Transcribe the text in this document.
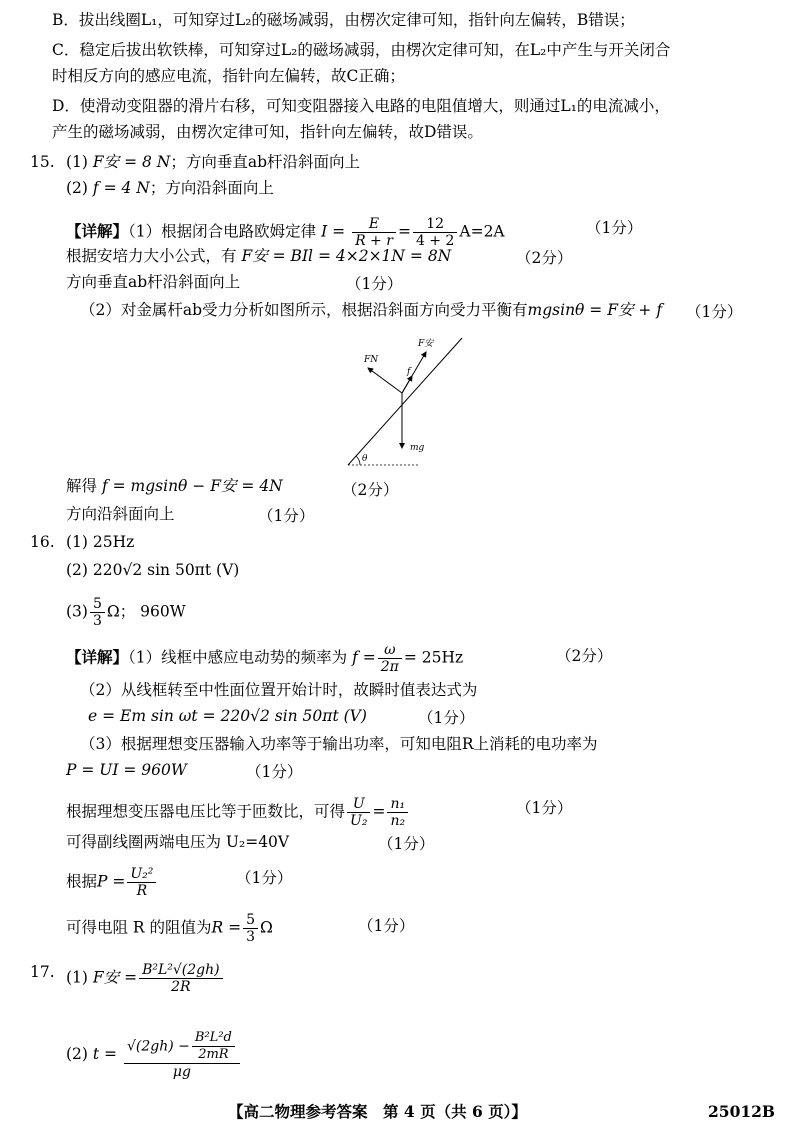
B．拔出线圈L₁，可知穿过L₂的磁场减弱，由楞次定律可知，指针向左偏转，B错误；
C．稳定后拔出软铁棒，可知穿过L₂的磁场减弱，由楞次定律可知，在L₂中产生与开关闭合
时相反方向的感应电流，指针向左偏转，故C正确；
D．使滑动变阻器的滑片右移，可知变阻器接入电路的电阻值增大，则通过L₁的电流减小，
产生的磁场减弱，由楞次定律可知，指针向左偏转，故D错误。
15. (1) F安 = 8 N；方向垂直ab杆沿斜面向上
(2) f = 4 N；方向沿斜面向上
【详解】（1）根据闭合电路欧姆定律 $I = \frac{E}{R + r} = \frac{12}{4 + 2} A=2A$	（1分）
根据安培力大小公式，有 F安 = BIl = 4×2×1N = 8N	（2分）
方向垂直ab杆沿斜面向上	（1分）
（2）对金属杆ab受力分析如图所示，根据沿斜面方向受力平衡有mgsinθ = F安 + f （1分）
θ
mg
FN
F安
f
解得 f = mgsinθ − F安 = 4N	（2分）
方向沿斜面向上	（1分）
16. (1) 25Hz
(2) 220√2 sin 50πt (V)
$(3) \frac{5}{3}$ Ω； 960W
【详解】（1）线框中感应电动势的频率为 $f = \frac{\omega}{2\pi} = 25Hz$	（2分）
（2）从线框转至中性面位置开始计时，故瞬时值表达式为
e = Em sin ωt = 220√2 sin 50πt (V)	（1分）
（3）根据理想变压器输入功率等于输出功率，可知电阻R上消耗的电功率为
P = UI = 960W	（1分）
根据理想变压器电压比等于匝数比，可得 $\frac{U}{\text{U₂}} = \frac{\text{n₁}}{\text{n₂}}$	（1分）
可得副线圈两端电压为 U₂=40V	（1分）
根据$P = \frac{\text{U₂²}}{R}$	（1分）
可得电阻 R 的阻值为$R = \frac{5}{3}$ Ω	（1分）
17. (1) F安 = $\frac{\text{B²L²√(2gh)}}{2R}$
(2) $t = \frac{√(2gh) - \frac{\text{B²L²d}}{2mR}}{\mu g}$
【高二物理参考答案　第 4 页（共 6 页）】	25012B
